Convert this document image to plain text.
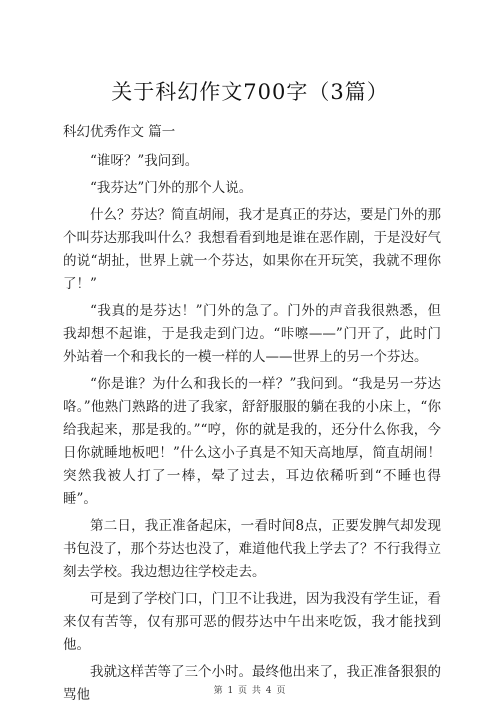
关于科幻作文700字（3篇）
科幻优秀作文 篇一

“谁呀？”我问到。

“我芬达”门外的那个人说。

什么？芬达？简直胡闹，我才是真正的芬达，要是门外的那个叫芬达那我叫什么？我想看看到地是谁在恶作剧，于是没好气的说“胡扯，世界上就一个芬达，如果你在开玩笑，我就不理你了！”

“我真的是芬达！”门外的急了。门外的声音我很熟悉，但我却想不起谁，于是我走到门边。“咔嚓——”门开了，此时门外站着一个和我长的一模一样的人——世界上的另一个芬达。

“你是谁？为什么和我长的一样？”我问到。“我是另一芬达咯。”他熟门熟路的进了我家，舒舒服服的躺在我的小床上，“你给我起来，那是我的。”“哼，你的就是我的，还分什么你我，今日你就睡地板吧！”什么这小子真是不知天高地厚，简直胡闹！突然我被人打了一棒，晕了过去，耳边依稀听到“不睡也得睡”。

第二日，我正准备起床，一看时间8点，正要发脾气却发现书包没了，那个芬达也没了，难道他代我上学去了？不行我得立刻去学校。我边想边往学校走去。

可是到了学校门口，门卫不让我进，因为我没有学生证，看来仅有苦等，仅有那可恶的假芬达中午出来吃饭，我才能找到他。

我就这样苦等了三个小时。最终他出来了，我正准备狠狠的骂他	第 1 页 共 4 页
